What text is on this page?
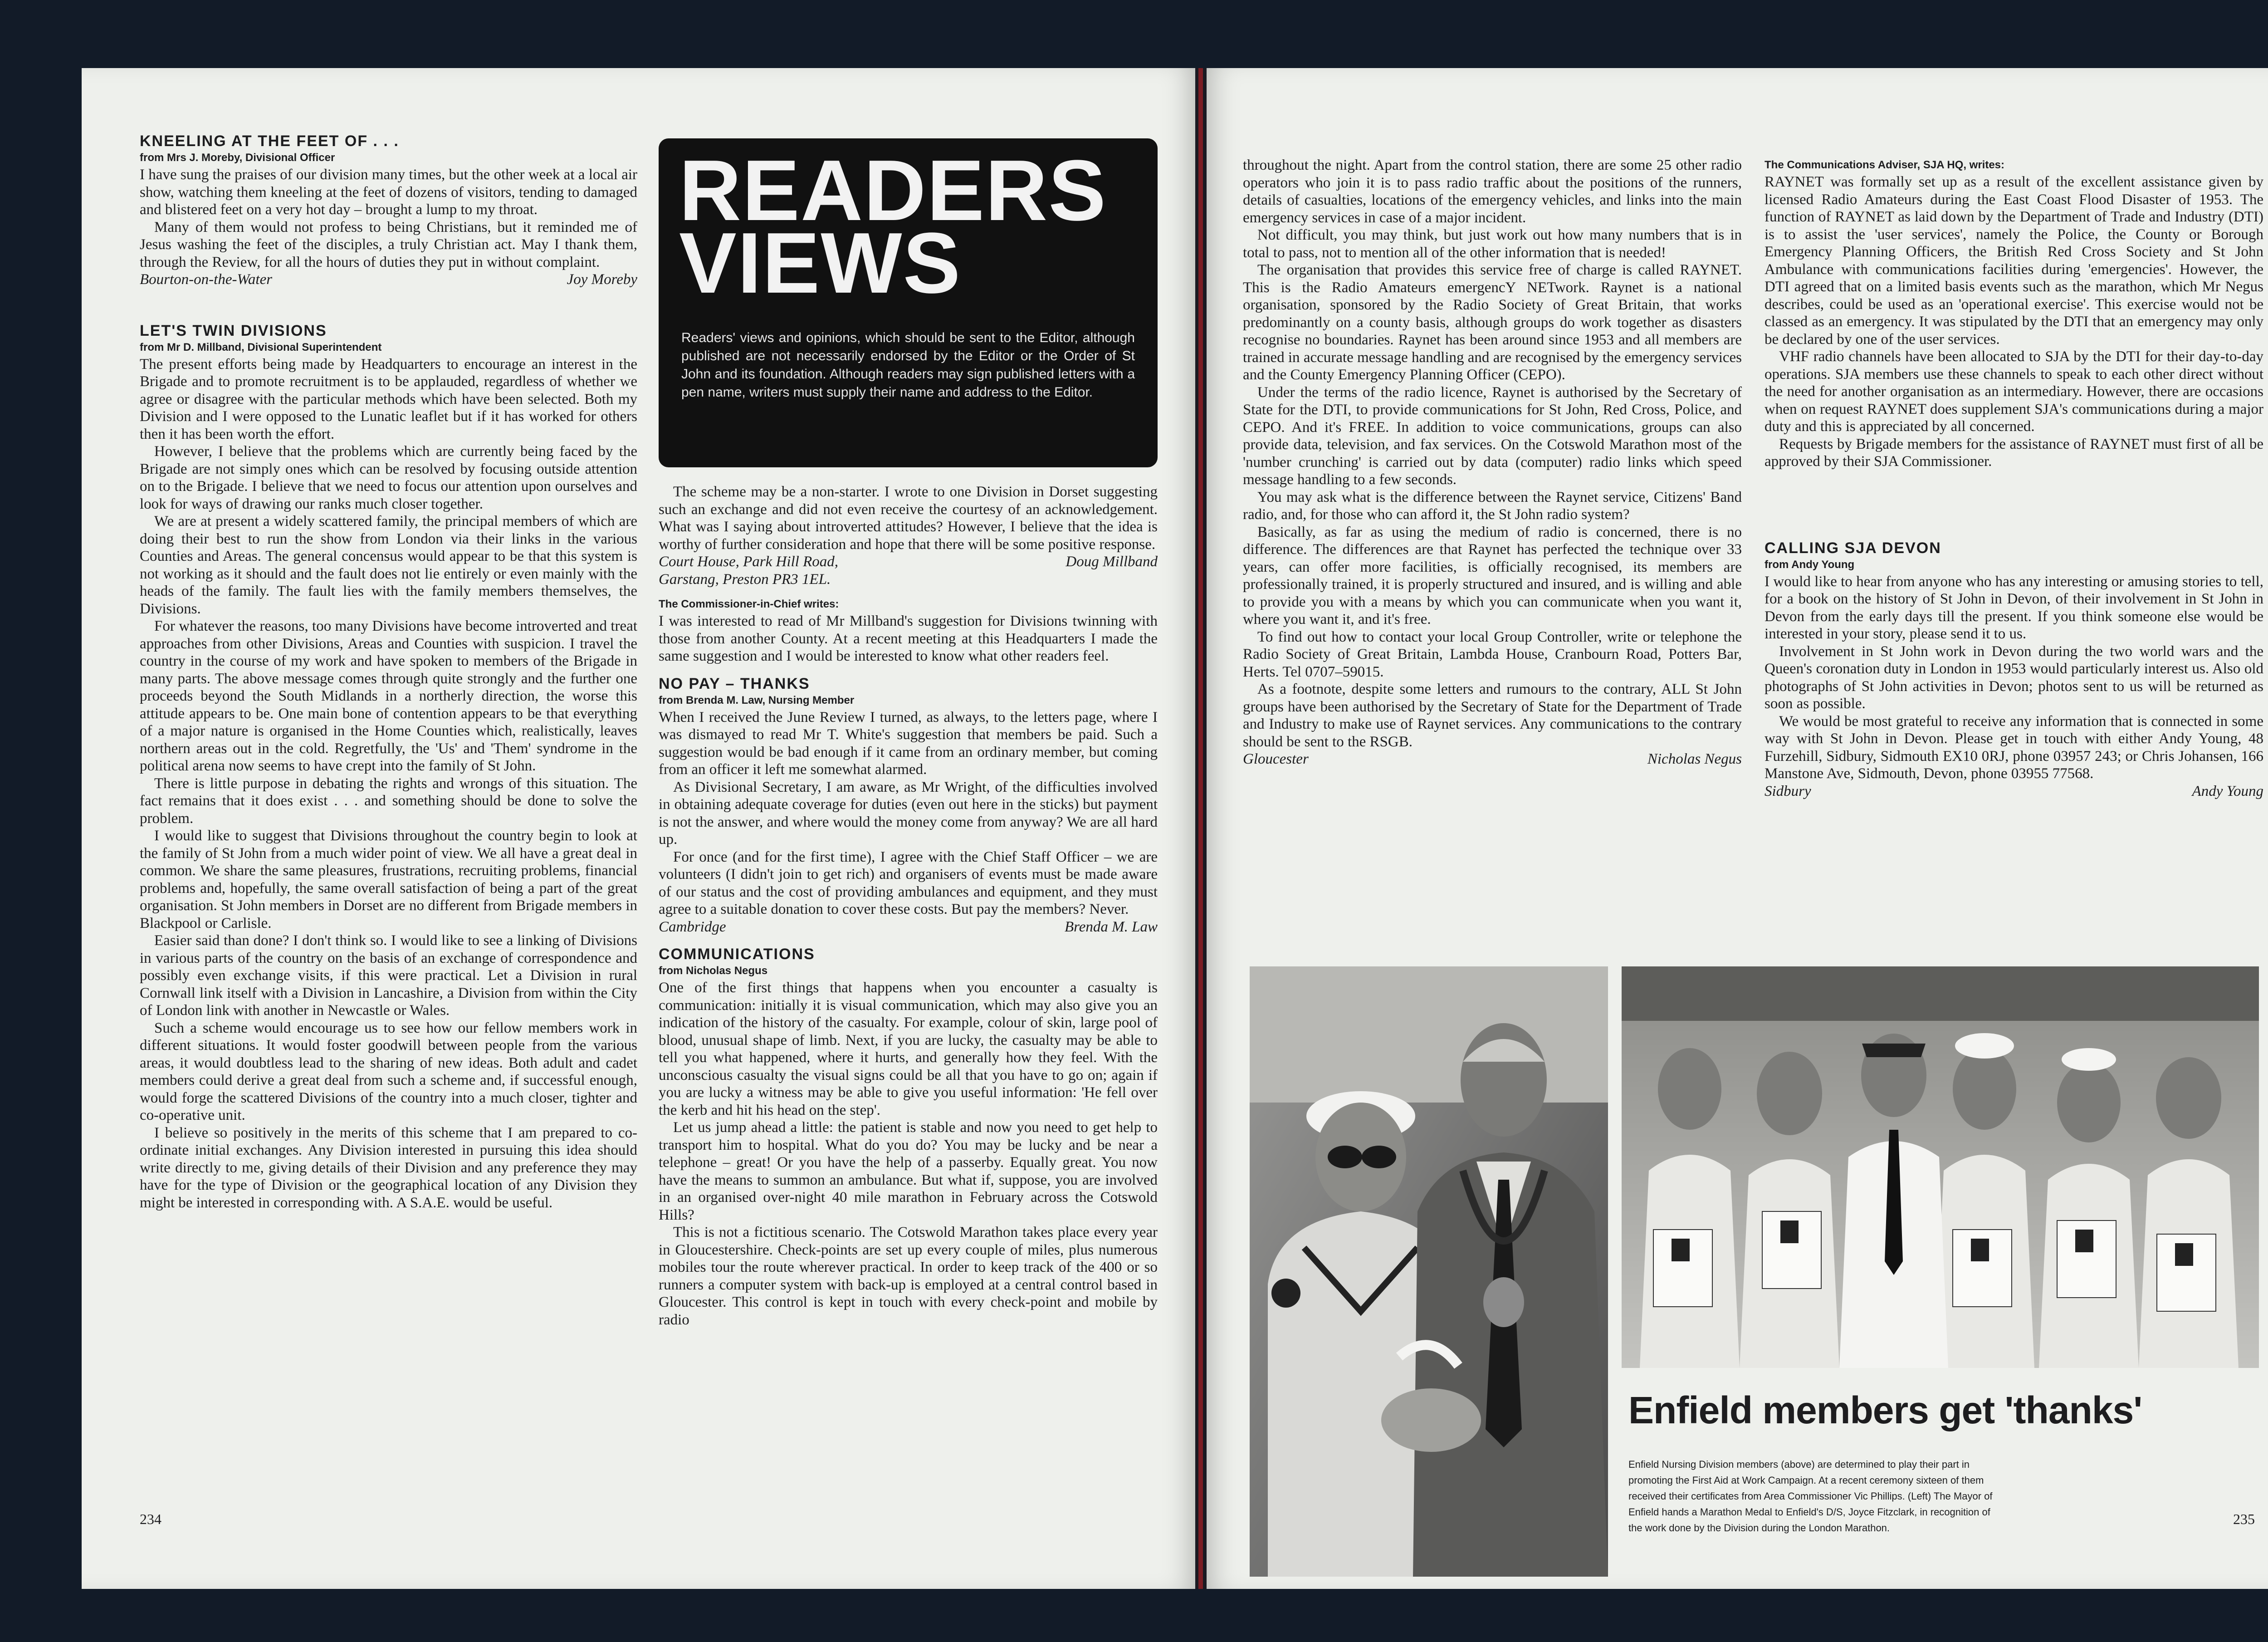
KNEELING AT THE FEET OF . . .
from Mrs J. Moreby, Divisional Officer

I have sung the praises of our division many times, but the other week at a local air show, watching them kneeling at the feet of dozens of visitors, tending to damaged and blistered feet on a very hot day – brought a lump to my throat.

Many of them would not profess to being Christians, but it reminded me of Jesus washing the feet of the disciples, a truly Christian act. May I thank them, through the Review, for all the hours of duties they put in without complaint.

Bourton-on-the-Water	Joy Moreby
LET'S TWIN DIVISIONS
from Mr D. Millband, Divisional Superintendent

The present efforts being made by Headquarters to encourage an interest in the Brigade and to promote recruitment is to be applauded, regardless of whether we agree or disagree with the particular methods which have been selected. Both my Division and I were opposed to the Lunatic leaflet but if it has worked for others then it has been worth the effort.

However, I believe that the problems which are currently being faced by the Brigade are not simply ones which can be resolved by focusing outside attention on to the Brigade. I believe that we need to focus our attention upon ourselves and look for ways of drawing our ranks much closer together.

We are at present a widely scattered family, the principal members of which are doing their best to run the show from London via their links in the various Counties and Areas. The general concensus would appear to be that this system is not working as it should and the fault does not lie entirely or even mainly with the heads of the family. The fault lies with the family members themselves, the Divisions.

For whatever the reasons, too many Divisions have become introverted and treat approaches from other Divisions, Areas and Counties with suspicion. I travel the country in the course of my work and have spoken to members of the Brigade in many parts. The above message comes through quite strongly and the further one proceeds beyond the South Midlands in a northerly direction, the worse this attitude appears to be. One main bone of contention appears to be that everything of a major nature is organised in the Home Counties which, realistically, leaves northern areas out in the cold. Regretfully, the 'Us' and 'Them' syndrome in the political arena now seems to have crept into the family of St John.

There is little purpose in debating the rights and wrongs of this situation. The fact remains that it does exist . . . and something should be done to solve the problem.

I would like to suggest that Divisions throughout the country begin to look at the family of St John from a much wider point of view. We all have a great deal in common. We share the same pleasures, frustrations, recruiting problems, financial problems and, hopefully, the same overall satisfaction of being a part of the great organisation. St John members in Dorset are no different from Brigade members in Blackpool or Carlisle.

Easier said than done? I don't think so. I would like to see a linking of Divisions in various parts of the country on the basis of an exchange of correspondence and possibly even exchange visits, if this were practical. Let a Division in rural Cornwall link itself with a Division in Lancashire, a Division from within the City of London link with another in Newcastle or Wales.

Such a scheme would encourage us to see how our fellow members work in different situations. It would foster goodwill between people from the various areas, it would doubtless lead to the sharing of new ideas. Both adult and cadet members could derive a great deal from such a scheme and, if successful enough, would forge the scattered Divisions of the country into a much closer, tighter and co-operative unit.

I believe so positively in the merits of this scheme that I am prepared to co-ordinate initial exchanges. Any Division interested in pursuing this idea should write directly to me, giving details of their Division and any preference they may have for the type of Division or the geographical location of any Division they might be interested in corresponding with. A S.A.E. would be useful.

READERS
VIEWS
Readers' views and opinions, which should be sent to the Editor, although published are not necessarily endorsed by the Editor or the Order of St John and its foundation. Although readers may sign published letters with a pen name, writers must supply their name and address to the Editor.

The scheme may be a non-starter. I wrote to one Division in Dorset suggesting such an exchange and did not even receive the courtesy of an acknowledgement. What was I saying about introverted attitudes? However, I believe that the idea is worthy of further consideration and hope that there will be some positive response.

Court House, Park Hill Road,	Doug Millband
Garstang, Preston PR3 1EL.
The Commissioner-in-Chief writes:

I was interested to read of Mr Millband's suggestion for Divisions twinning with those from another County. At a recent meeting at this Headquarters I made the same suggestion and I would be interested to know what other readers feel.

NO PAY – THANKS
from Brenda M. Law, Nursing Member

When I received the June Review I turned, as always, to the letters page, where I was dismayed to read Mr T. White's suggestion that members be paid. Such a suggestion would be bad enough if it came from an ordinary member, but coming from an officer it left me somewhat alarmed.

As Divisional Secretary, I am aware, as Mr Wright, of the difficulties involved in obtaining adequate coverage for duties (even out here in the sticks) but payment is not the answer, and where would the money come from anyway? We are all hard up.

For once (and for the first time), I agree with the Chief Staff Officer – we are volunteers (I didn't join to get rich) and organisers of events must be made aware of our status and the cost of providing ambulances and equipment, and they must agree to a suitable donation to cover these costs. But pay the members? Never.

Cambridge	Brenda M. Law
COMMUNICATIONS
from Nicholas Negus

One of the first things that happens when you encounter a casualty is communication: initially it is visual communication, which may also give you an indication of the history of the casualty. For example, colour of skin, large pool of blood, unusual shape of limb. Next, if you are lucky, the casualty may be able to tell you what happened, where it hurts, and generally how they feel. With the unconscious casualty the visual signs could be all that you have to go on; again if you are lucky a witness may be able to give you useful information: 'He fell over the kerb and hit his head on the step'.

Let us jump ahead a little: the patient is stable and now you need to get help to transport him to hospital. What do you do? You may be lucky and be near a telephone – great! Or you have the help of a passerby. Equally great. You now have the means to summon an ambulance. But what if, suppose, you are involved in an organised over-night 40 mile marathon in February across the Cotswold Hills?

This is not a fictitious scenario. The Cotswold Marathon takes place every year in Gloucestershire. Check-points are set up every couple of miles, plus numerous mobiles tour the route wherever practical. In order to keep track of the 400 or so runners a computer system with back-up is employed at a central control based in Gloucester. This control is kept in touch with every check-point and mobile by radio

234

throughout the night. Apart from the control station, there are some 25 other radio operators who join it is to pass radio traffic about the positions of the runners, details of casualties, locations of the emergency vehicles, and links into the main emergency services in case of a major incident.

Not difficult, you may think, but just work out how many numbers that is in total to pass, not to mention all of the other information that is needed!

The organisation that provides this service free of charge is called RAYNET. This is the Radio Amateurs emergencY NETwork. Raynet is a national organisation, sponsored by the Radio Society of Great Britain, that works predominantly on a county basis, although groups do work together as disasters recognise no boundaries. Raynet has been around since 1953 and all members are trained in accurate message handling and are recognised by the emergency services and the County Emergency Planning Officer (CEPO).

Under the terms of the radio licence, Raynet is authorised by the Secretary of State for the DTI, to provide communications for St John, Red Cross, Police, and CEPO. And it's FREE. In addition to voice communications, groups can also provide data, television, and fax services. On the Cotswold Marathon most of the 'number crunching' is carried out by data (computer) radio links which speed message handling to a few seconds.

You may ask what is the difference between the Raynet service, Citizens' Band radio, and, for those who can afford it, the St John radio system?

Basically, as far as using the medium of radio is concerned, there is no difference. The differences are that Raynet has perfected the technique over 33 years, can offer more facilities, is officially recognised, its members are professionally trained, it is properly structured and insured, and is willing and able to provide you with a means by which you can communicate when you want it, where you want it, and it's free.

To find out how to contact your local Group Controller, write or telephone the Radio Society of Great Britain, Lambda House, Cranbourn Road, Potters Bar, Herts. Tel 0707–59015.

As a footnote, despite some letters and rumours to the contrary, ALL St John groups have been authorised by the Secretary of State for the Department of Trade and Industry to make use of Raynet services. Any communications to the contrary should be sent to the RSGB.

Gloucester	Nicholas Negus
The Communications Adviser, SJA HQ, writes:

RAYNET was formally set up as a result of the excellent assistance given by licensed Radio Amateurs during the East Coast Flood Disaster of 1953. The function of RAYNET as laid down by the Department of Trade and Industry (DTI) is to assist the 'user services', namely the Police, the County or Borough Emergency Planning Officers, the British Red Cross Society and St John Ambulance with communications facilities during 'emergencies'. However, the DTI agreed that on a limited basis events such as the marathon, which Mr Negus describes, could be used as an 'operational exercise'. This exercise would not be classed as an emergency. It was stipulated by the DTI that an emergency may only be declared by one of the user services.

VHF radio channels have been allocated to SJA by the DTI for their day-to-day operations. SJA members use these channels to speak to each other direct without the need for another organisation as an intermediary. However, there are occasions when on request RAYNET does supplement SJA's communications during a major duty and this is appreciated by all concerned.

Requests by Brigade members for the assistance of RAYNET must first of all be approved by their SJA Commissioner.

CALLING SJA DEVON
from Andy Young

I would like to hear from anyone who has any interesting or amusing stories to tell, for a book on the history of St John in Devon, of their involvement in St John in Devon from the early days till the present. If you think someone else would be interested in your story, please send it to us.

Involvement in St John work in Devon during the two world wars and the Queen's coronation duty in London in 1953 would particularly interest us. Also old photographs of St John activities in Devon; photos sent to us will be returned as soon as possible.

We would be most grateful to receive any information that is connected in some way with St John in Devon. Please get in touch with either Andy Young, 48 Furzehill, Sidbury, Sidmouth EX10 0RJ, phone 03957 243; or Chris Johansen, 166 Manstone Ave, Sidmouth, Devon, phone 03955 77568.

Sidbury	Andy Young
Enfield members get 'thanks'
Enfield Nursing Division members (above) are determined to play their part in promoting the First Aid at Work Campaign. At a recent ceremony sixteen of them received their certificates from Area Commissioner Vic Phillips. (Left) The Mayor of Enfield hands a Marathon Medal to Enfield's D/S, Joyce Fitzclark, in recognition of the work done by the Division during the London Marathon.
235
